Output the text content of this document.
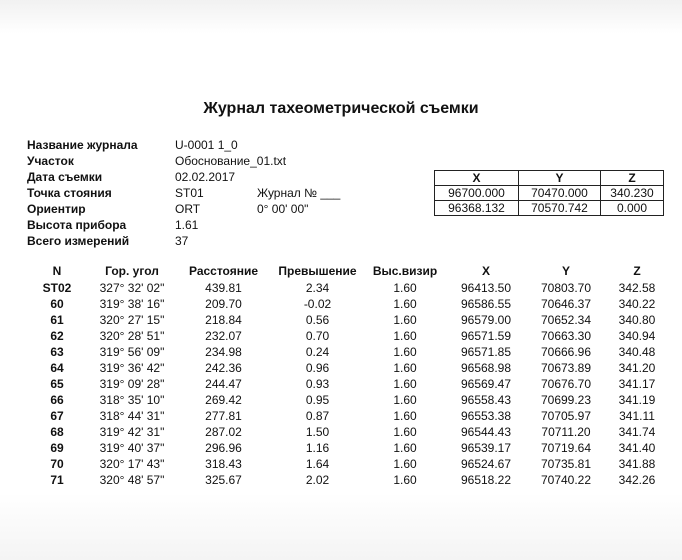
Журнал тахеометрической съемки
Название журнала	U-0001 1_0
Участок	Обоснование_01.txt
Дата съемки	02.02.2017
Точка стояния	ST01	Журнал № ___
Ориентир	ORT	0° 00' 00"
Высота прибора	1.61
Всего измерений	37
X	Y	Z
96700.000	70470.000	340.230
96368.132	70570.742	0.000
N	Гор. угол	Расстояние	Превышение	Выс.визир	X	Y	Z
ST02	327° 32' 02"	439.81	2.34	1.60	96413.50	70803.70	342.58
60	319° 38' 16"	209.70	-0.02	1.60	96586.55	70646.37	340.22
61	320° 27' 15"	218.84	0.56	1.60	96579.00	70652.34	340.80
62	320° 28' 51"	232.07	0.70	1.60	96571.59	70663.30	340.94
63	319° 56' 09"	234.98	0.24	1.60	96571.85	70666.96	340.48
64	319° 36' 42"	242.36	0.96	1.60	96568.98	70673.89	341.20
65	319° 09' 28"	244.47	0.93	1.60	96569.47	70676.70	341.17
66	318° 35' 10"	269.42	0.95	1.60	96558.43	70699.23	341.19
67	318° 44' 31"	277.81	0.87	1.60	96553.38	70705.97	341.11
68	319° 42' 31"	287.02	1.50	1.60	96544.43	70711.20	341.74
69	319° 40' 37"	296.96	1.16	1.60	96539.17	70719.64	341.40
70	320° 17' 43"	318.43	1.64	1.60	96524.67	70735.81	341.88
71	320° 48' 57"	325.67	2.02	1.60	96518.22	70740.22	342.26
